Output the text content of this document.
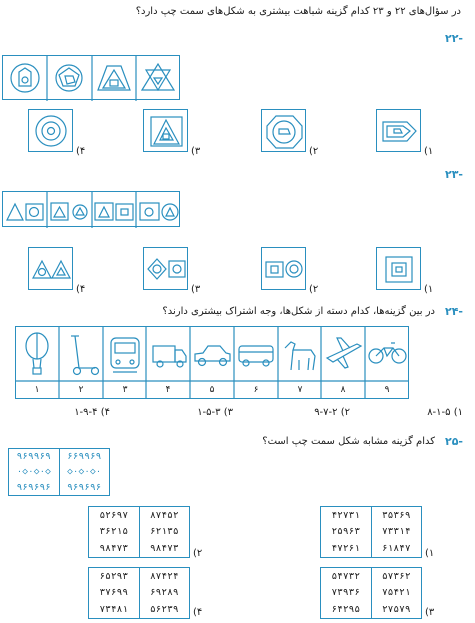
در سؤال‌های ۲۲ و ۲۳ کدام گزینه شباهت بیشتری به شکل‌های سمت چپ دارد؟
-۲۲
۱)
۲)
۳)
۴)
-۲۳
۱)
۲)
۳)
۴)
-۲۴
در بین گزینه‌ها، کدام دسته از شکل‌ها، وجه اشتراک بیشتری دارند؟
۹
۸
۷
۶
۵
۴
۳
۲
۱
۱) ۸-۱-۵
۲) ۹-۷-۲
۳) ۱-۵-۳
۴) ۱-۹-۴
-۲۵
کدام گزینه مشابه شکل سمت چپ است؟
۹۶۹۹۶۹
۰◇۰◇۰◇
۹۶۹۶۹۶
۶۶۹۹۶۹
◇۰◇۰◇۰
۹۶۹۶۹۶
۴۲۷۳۱
۲۵۹۶۳
۴۷۲۶۱
۳۵۳۶۹
۷۳۳۱۴
۶۱۸۴۷ ۱)
۵۲۶۹۷
۳۶۲۱۵
۹۸۴۷۳
۸۷۴۵۲
۶۲۱۳۵
۹۸۴۷۳ ۲)
۵۴۷۳۲
۷۳۹۳۶
۶۴۲۹۵
۵۷۳۶۲
۷۵۴۲۱
۲۷۵۷۹ ۳)
۶۵۲۹۳
۳۷۶۹۹
۷۳۴۸۱
۸۷۴۲۴
۶۹۲۸۹
۵۶۲۳۹ ۴)
